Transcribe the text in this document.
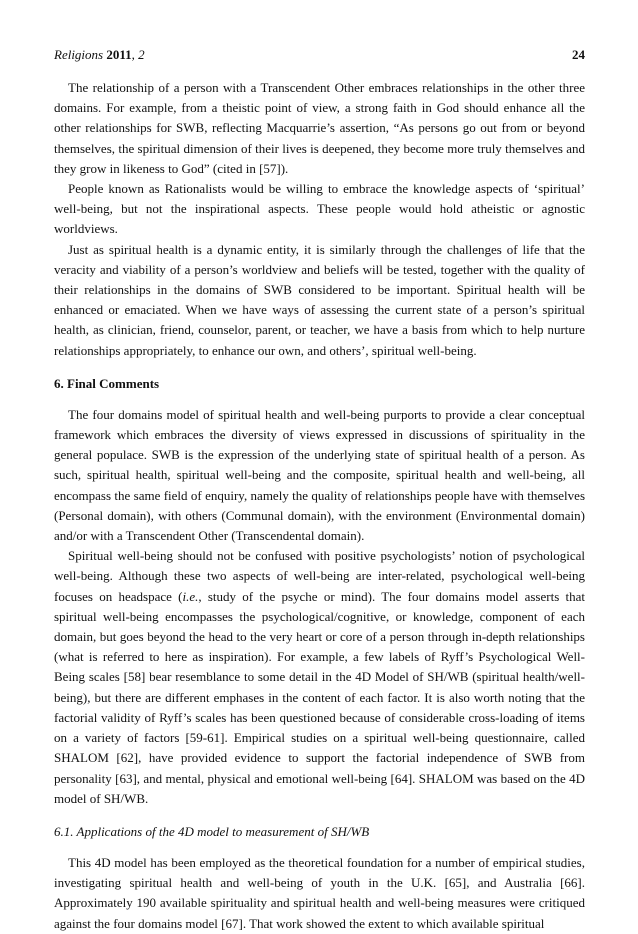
Religions 2011, 2	24

The relationship of a person with a Transcendent Other embraces relationships in the other three domains. For example, from a theistic point of view, a strong faith in God should enhance all the other relationships for SWB, reflecting Macquarrie’s assertion, “As persons go out from or beyond themselves, the spiritual dimension of their lives is deepened, they become more truly themselves and they grow in likeness to God” (cited in [57]).

People known as Rationalists would be willing to embrace the knowledge aspects of ‘spiritual’ well-being, but not the inspirational aspects. These people would hold atheistic or agnostic worldviews.

Just as spiritual health is a dynamic entity, it is similarly through the challenges of life that the veracity and viability of a person’s worldview and beliefs will be tested, together with the quality of their relationships in the domains of SWB considered to be important. Spiritual health will be enhanced or emaciated. When we have ways of assessing the current state of a person’s spiritual health, as clinician, friend, counselor, parent, or teacher, we have a basis from which to help nurture relationships appropriately, to enhance our own, and others’, spiritual well-being.

6. Final Comments

The four domains model of spiritual health and well-being purports to provide a clear conceptual framework which embraces the diversity of views expressed in discussions of spirituality in the general populace. SWB is the expression of the underlying state of spiritual health of a person. As such, spiritual health, spiritual well-being and the composite, spiritual health and well-being, all encompass the same field of enquiry, namely the quality of relationships people have with themselves (Personal domain), with others (Communal domain), with the environment (Environmental domain) and/or with a Transcendent Other (Transcendental domain).

Spiritual well-being should not be confused with positive psychologists’ notion of psychological well-being. Although these two aspects of well-being are inter-related, psychological well-being focuses on headspace (i.e., study of the psyche or mind). The four domains model asserts that spiritual well-being encompasses the psychological/cognitive, or knowledge, component of each domain, but goes beyond the head to the very heart or core of a person through in-depth relationships (what is referred to here as inspiration). For example, a few labels of Ryff’s Psychological Well-Being scales [58] bear resemblance to some detail in the 4D Model of SH/WB (spiritual health/well-being), but there are different emphases in the content of each factor. It is also worth noting that the factorial validity of Ryff’s scales has been questioned because of considerable cross-loading of items on a variety of factors [59-61]. Empirical studies on a spiritual well-being questionnaire, called SHALOM [62], have provided evidence to support the factorial independence of SWB from personality [63], and mental, physical and emotional well-being [64]. SHALOM was based on the 4D model of SH/WB.

6.1. Applications of the 4D model to measurement of SH/WB

This 4D model has been employed as the theoretical foundation for a number of empirical studies, investigating spiritual health and well-being of youth in the U.K. [65], and Australia [66]. Approximately 190 available spirituality and spiritual health and well-being measures were critiqued against the four domains model [67]. That work showed the extent to which available spiritual
